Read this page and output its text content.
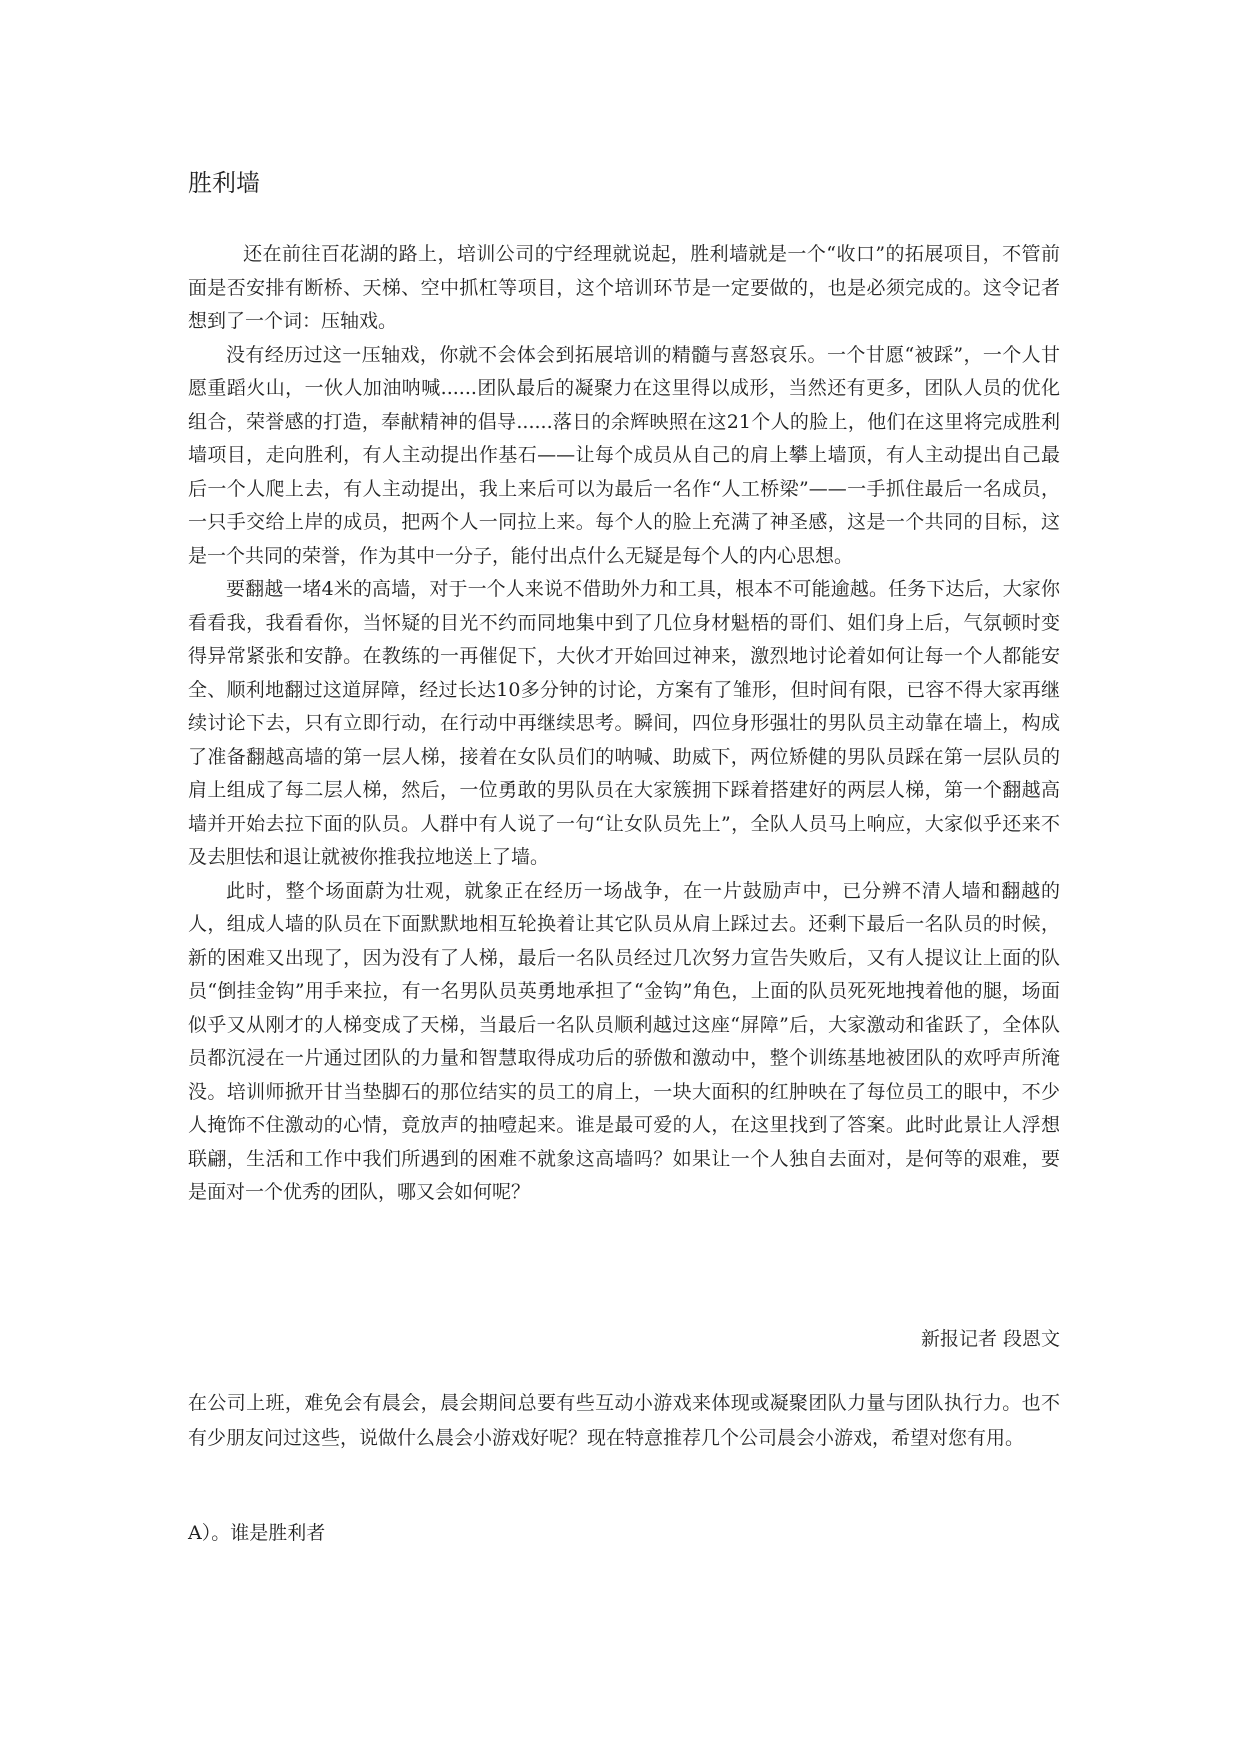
胜利墙

还在前往百花湖的路上，培训公司的宁经理就说起，胜利墙就是一个“收口”的拓展项目，不管前面是否安排有断桥、天梯、空中抓杠等项目，这个培训环节是一定要做的，也是必须完成的。这令记者想到了一个词：压轴戏。

没有经历过这一压轴戏，你就不会体会到拓展培训的精髓与喜怒哀乐。一个甘愿“被踩”，一个人甘愿重蹈火山，一伙人加油呐喊......团队最后的凝聚力在这里得以成形，当然还有更多，团队人员的优化组合，荣誉感的打造，奉献精神的倡导......落日的余辉映照在这21个人的脸上，他们在这里将完成胜利墙项目，走向胜利，有人主动提出作基石——让每个成员从自己的肩上攀上墙顶，有人主动提出自己最后一个人爬上去，有人主动提出，我上来后可以为最后一名作“人工桥梁”——一手抓住最后一名成员，一只手交给上岸的成员，把两个人一同拉上来。每个人的脸上充满了神圣感，这是一个共同的目标，这是一个共同的荣誉，作为其中一分子，能付出点什么无疑是每个人的内心思想。

要翻越一堵4米的高墙，对于一个人来说不借助外力和工具，根本不可能逾越。任务下达后，大家你看看我，我看看你，当怀疑的目光不约而同地集中到了几位身材魁梧的哥们、姐们身上后，气氛顿时变得异常紧张和安静。在教练的一再催促下，大伙才开始回过神来，激烈地讨论着如何让每一个人都能安全、顺利地翻过这道屏障，经过长达10多分钟的讨论，方案有了雏形，但时间有限，已容不得大家再继续讨论下去，只有立即行动，在行动中再继续思考。瞬间，四位身形强壮的男队员主动靠在墙上，构成了准备翻越高墙的第一层人梯，接着在女队员们的呐喊、助威下，两位矫健的男队员踩在第一层队员的肩上组成了每二层人梯，然后，一位勇敢的男队员在大家簇拥下踩着搭建好的两层人梯，第一个翻越高墙并开始去拉下面的队员。人群中有人说了一句“让女队员先上”，全队人员马上响应，大家似乎还来不及去胆怯和退让就被你推我拉地送上了墙。

此时，整个场面蔚为壮观，就象正在经历一场战争，在一片鼓励声中，已分辨不清人墙和翻越的人，组成人墙的队员在下面默默地相互轮换着让其它队员从肩上踩过去。还剩下最后一名队员的时候，新的困难又出现了，因为没有了人梯，最后一名队员经过几次努力宣告失败后，又有人提议让上面的队员“倒挂金钩”用手来拉，有一名男队员英勇地承担了“金钩”角色，上面的队员死死地拽着他的腿，场面似乎又从刚才的人梯变成了天梯，当最后一名队员顺利越过这座“屏障”后，大家激动和雀跃了，全体队员都沉浸在一片通过团队的力量和智慧取得成功后的骄傲和激动中，整个训练基地被团队的欢呼声所淹没。培训师掀开甘当垫脚石的那位结实的员工的肩上，一块大面积的红肿映在了每位员工的眼中，不少人掩饰不住激动的心情，竟放声的抽噎起来。谁是最可爱的人，在这里找到了答案。此时此景让人浮想联翩，生活和工作中我们所遇到的困难不就象这高墙吗？如果让一个人独自去面对，是何等的艰难，要是面对一个优秀的团队，哪又会如何呢？

新报记者 段恩文

在公司上班，难免会有晨会，晨会期间总要有些互动小游戏来体现或凝聚团队力量与团队执行力。也不有少朋友问过这些，说做什么晨会小游戏好呢？现在特意推荐几个公司晨会小游戏，希望对您有用。

A）。谁是胜利者
